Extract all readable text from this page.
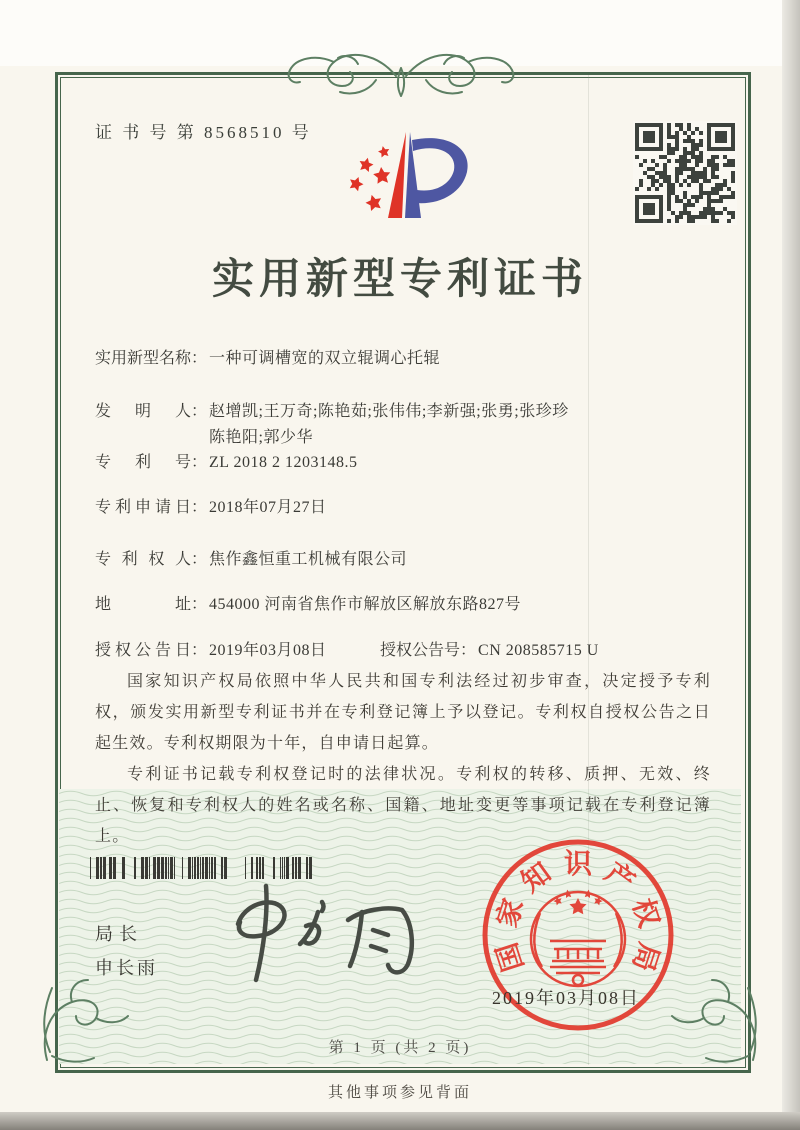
证 书 号 第 8568510 号
实用新型专利证书
实用新型名称： 一种可调槽宽的双立辊调心托辊
发明人： 赵增凯;王万奇;陈艳茹;张伟伟;李新强;张勇;张珍珍
陈艳阳;郭少华
专利号： ZL 2018 2 1203148.5
专利申请日： 2018年07月27日
专利权人： 焦作鑫恒重工机械有限公司
地址： 454000 河南省焦作市解放区解放东路827号
授权公告日： 2019年03月08日	授权公告号： CN 208585715 U

国家知识产权局依照中华人民共和国专利法经过初步审查，决定授予专利权，颁发实用新型专利证书并在专利登记簿上予以登记。专利权自授权公告之日起生效。专利权期限为十年，自申请日起算。

专利证书记载专利权登记时的法律状况。专利权的转移、质押、无效、终止、恢复和专利权人的姓名或名称、国籍、地址变更等事项记载在专利登记簿上。

局长
申长雨	国
家
知 识 产
权
局
2019年03月08日
第 1 页 (共 2 页)
其他事项参见背面
